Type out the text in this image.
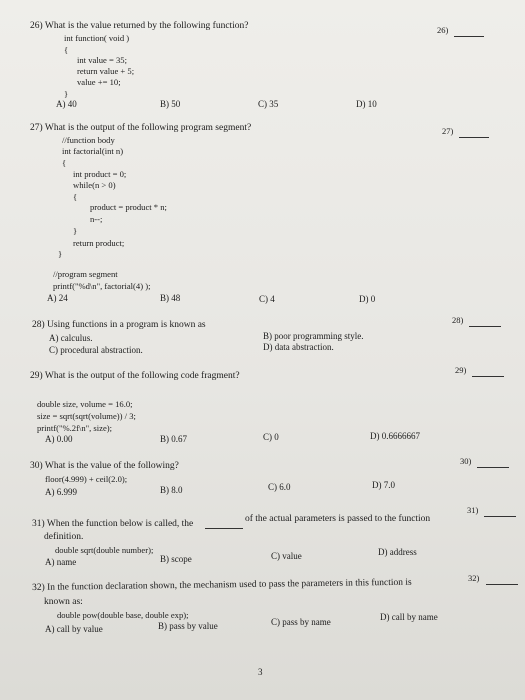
26) What is the value returned by the following function?	26)
int function( void )
{
int value = 35;
return value + 5;
value += 10;
}
A) 40	B) 50	C) 35	D) 10
27) What is the output of the following program segment?	27)
//function body
int factorial(int n)
{
int product = 0;
while(n > 0)
{
product = product * n;
n--;
}
return product;
}
//program segment
printf("%d\n", factorial(4) );
A) 24	B) 48	C) 4	D) 0
28) Using functions in a program is known as	28)
A) calculus.	B) poor programming style.
C) procedural abstraction.	D) data abstraction.
29) What is the output of the following code fragment?
29)
double size, volume = 16.0;
size = sqrt(sqrt(volume)) / 3;
printf("%.2f\n", size);
A) 0.00	B) 0.67	C) 0	D) 0.6666667
30) What is the value of the following?	30)
floor(4.999) + ceil(2.0);
A) 6.999	B) 8.0	C) 6.0	D) 7.0
31) When the function below is called, the	of the actual parameters is passed to the function
31)
definition.
double sqrt(double number);
A) name	B) scope	C) value	D) address
32) In the function declaration shown, the mechanism used to pass the parameters in this function is	32)
known as:
double pow(double base, double exp);
A) call by value	B) pass by value	C) pass by name	D) call by name
3
